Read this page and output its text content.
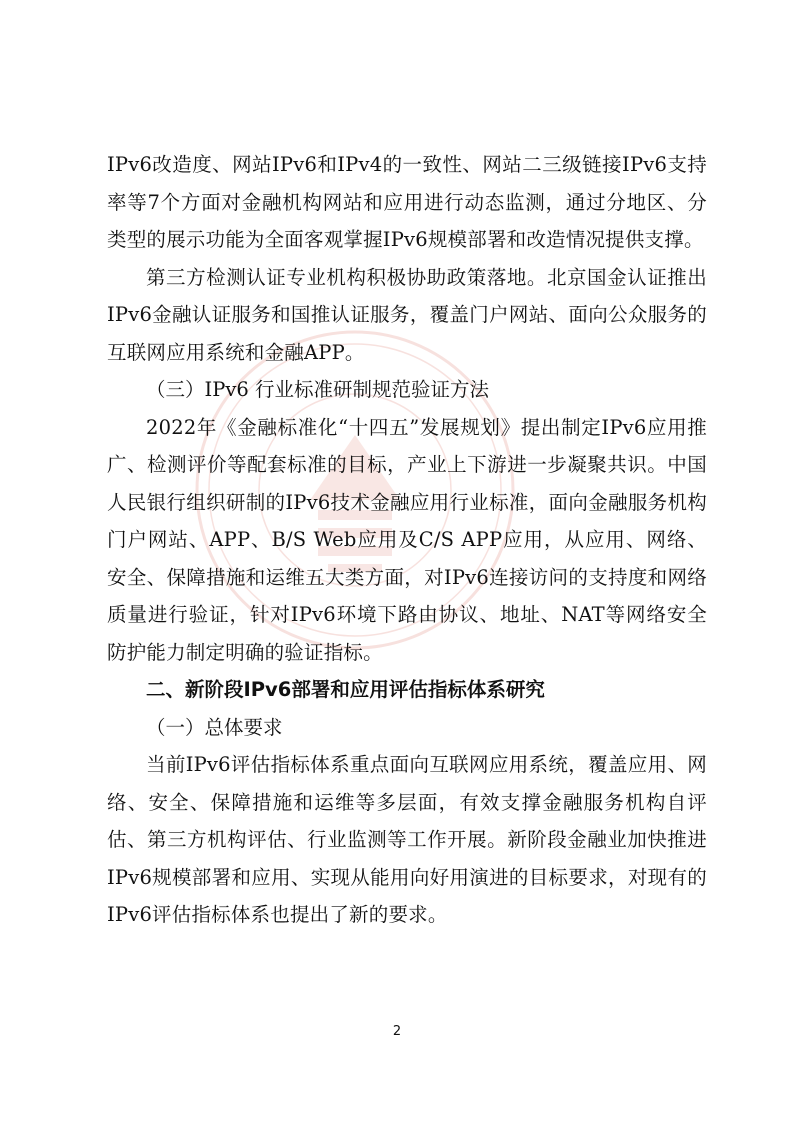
IPv6改造度、网站IPv6和IPv4的一致性、网站二三级链接IPv6支持率等7个方面对金融机构网站和应用进行动态监测，通过分地区、分类型的展示功能为全面客观掌握IPv6规模部署和改造情况提供支撑。

第三方检测认证专业机构积极协助政策落地。北京国金认证推出IPv6金融认证服务和国推认证服务，覆盖门户网站、面向公众服务的互联网应用系统和金融APP。

（三）IPv6 行业标准研制规范验证方法

2022年《金融标准化“十四五”发展规划》提出制定IPv6应用推广、检测评价等配套标准的目标，产业上下游进一步凝聚共识。中国人民银行组织研制的IPv6技术金融应用行业标准，面向金融服务机构门户网站、APP、B/S Web应用及C/S APP应用，从应用、网络、安全、保障措施和运维五大类方面，对IPv6连接访问的支持度和网络质量进行验证，针对IPv6环境下路由协议、地址、NAT等网络安全防护能力制定明确的验证指标。

二、新阶段IPv6部署和应用评估指标体系研究

（一）总体要求

当前IPv6评估指标体系重点面向互联网应用系统，覆盖应用、网络、安全、保障措施和运维等多层面，有效支撑金融服务机构自评估、第三方机构评估、行业监测等工作开展。新阶段金融业加快推进IPv6规模部署和应用、实现从能用向好用演进的目标要求，对现有的IPv6评估指标体系也提出了新的要求。

2
